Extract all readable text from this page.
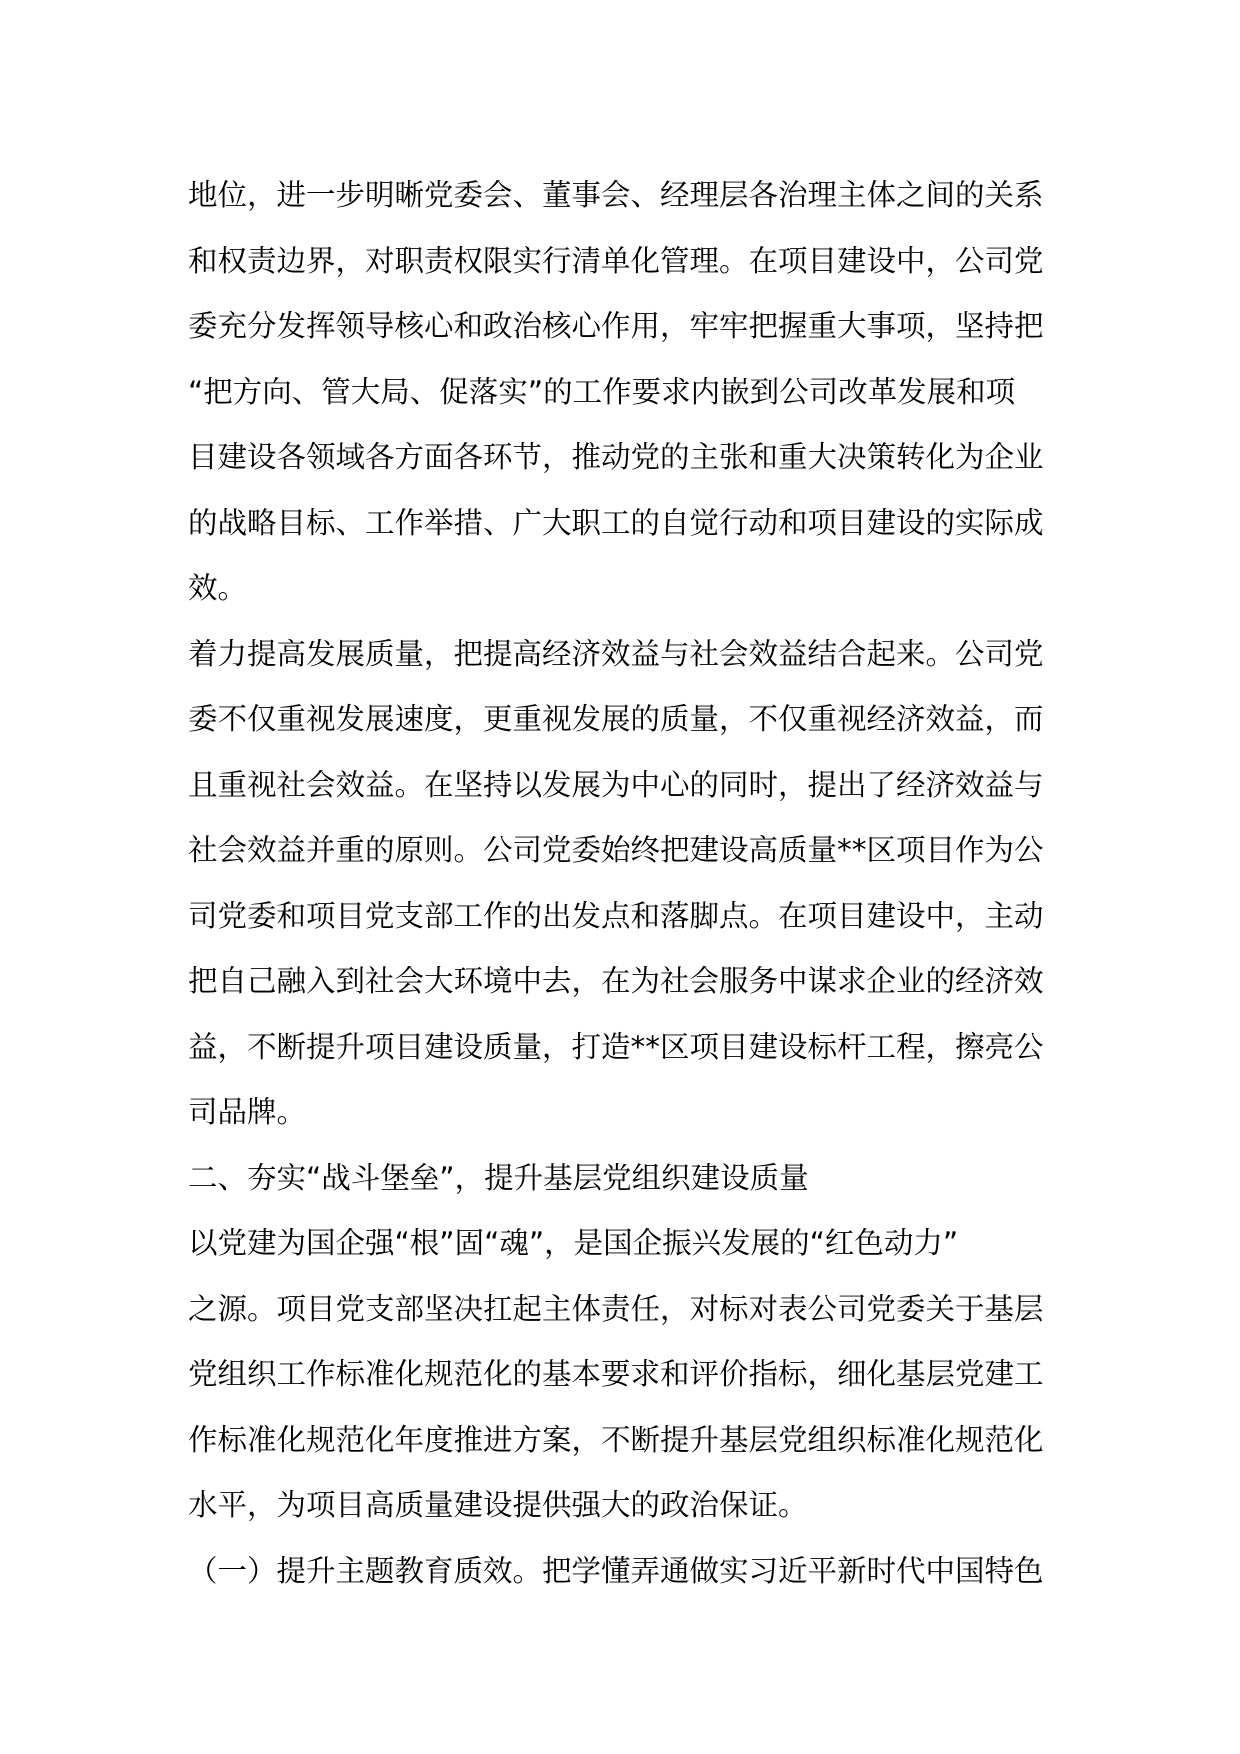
地位，进一步明晰党委会、董事会、经理层各治理主体之间的关系
和权责边界，对职责权限实行清单化管理。在项目建设中，公司党
委充分发挥领导核心和政治核心作用，牢牢把握重大事项，坚持把
“把方向、管大局、促落实”的工作要求内嵌到公司改革发展和项
目建设各领域各方面各环节，推动党的主张和重大决策转化为企业
的战略目标、工作举措、广大职工的自觉行动和项目建设的实际成
效。
着力提高发展质量，把提高经济效益与社会效益结合起来。公司党
委不仅重视发展速度，更重视发展的质量，不仅重视经济效益，而
且重视社会效益。在坚持以发展为中心的同时，提出了经济效益与
社会效益并重的原则。公司党委始终把建设高质量**区项目作为公
司党委和项目党支部工作的出发点和落脚点。在项目建设中，主动
把自己融入到社会大环境中去，在为社会服务中谋求企业的经济效
益，不断提升项目建设质量，打造**区项目建设标杆工程，擦亮公
司品牌。
二、夯实“战斗堡垒”，提升基层党组织建设质量
以党建为国企强“根”固“魂”，是国企振兴发展的“红色动力”
之源。项目党支部坚决扛起主体责任，对标对表公司党委关于基层
党组织工作标准化规范化的基本要求和评价指标，细化基层党建工
作标准化规范化年度推进方案，不断提升基层党组织标准化规范化
水平，为项目高质量建设提供强大的政治保证。
（一）提升主题教育质效。把学懂弄通做实习近平新时代中国特色
